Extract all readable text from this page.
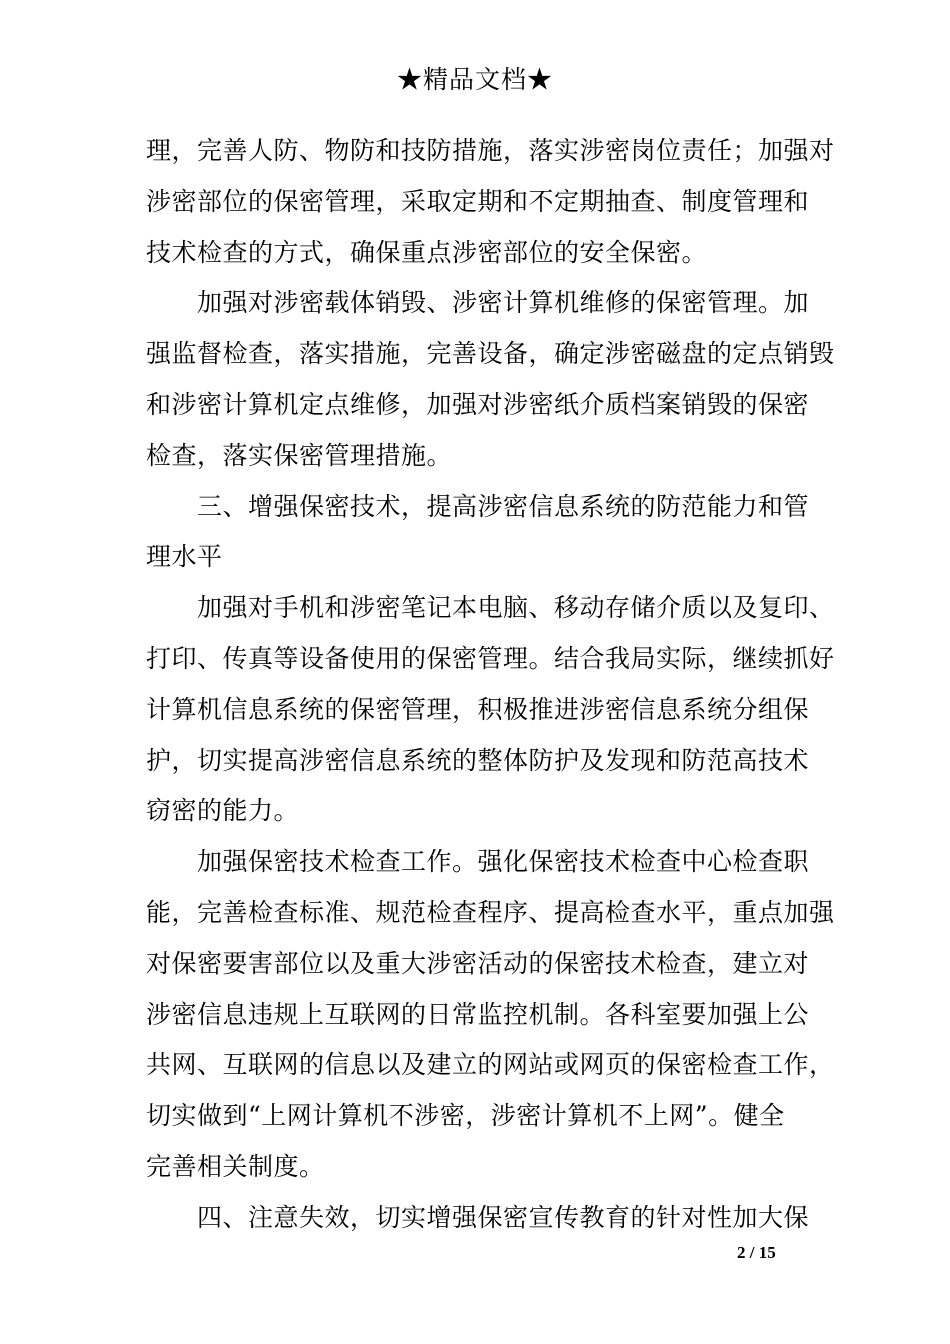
★精品文档★

理，完善人防、物防和技防措施，落实涉密岗位责任；加强对
涉密部位的保密管理，采取定期和不定期抽查、制度管理和
技术检查的方式，确保重点涉密部位的安全保密。

　　加强对涉密载体销毁、涉密计算机维修的保密管理。加
强监督检查，落实措施，完善设备，确定涉密磁盘的定点销毁
和涉密计算机定点维修，加强对涉密纸介质档案销毁的保密
检查，落实保密管理措施。

　　三、增强保密技术，提高涉密信息系统的防范能力和管
理水平

　　加强对手机和涉密笔记本电脑、移动存储介质以及复印、
打印、传真等设备使用的保密管理。结合我局实际，继续抓好
计算机信息系统的保密管理，积极推进涉密信息系统分组保
护，切实提高涉密信息系统的整体防护及发现和防范高技术
窃密的能力。

　　加强保密技术检查工作。强化保密技术检查中心检查职
能，完善检查标准、规范检查程序、提高检查水平，重点加强
对保密要害部位以及重大涉密活动的保密技术检查，建立对
涉密信息违规上互联网的日常监控机制。各科室要加强上公
共网、互联网的信息以及建立的网站或网页的保密检查工作，
切实做到“上网计算机不涉密，涉密计算机不上网”。健全
完善相关制度。

　　四、注意失效，切实增强保密宣传教育的针对性加大保

2 / 15
